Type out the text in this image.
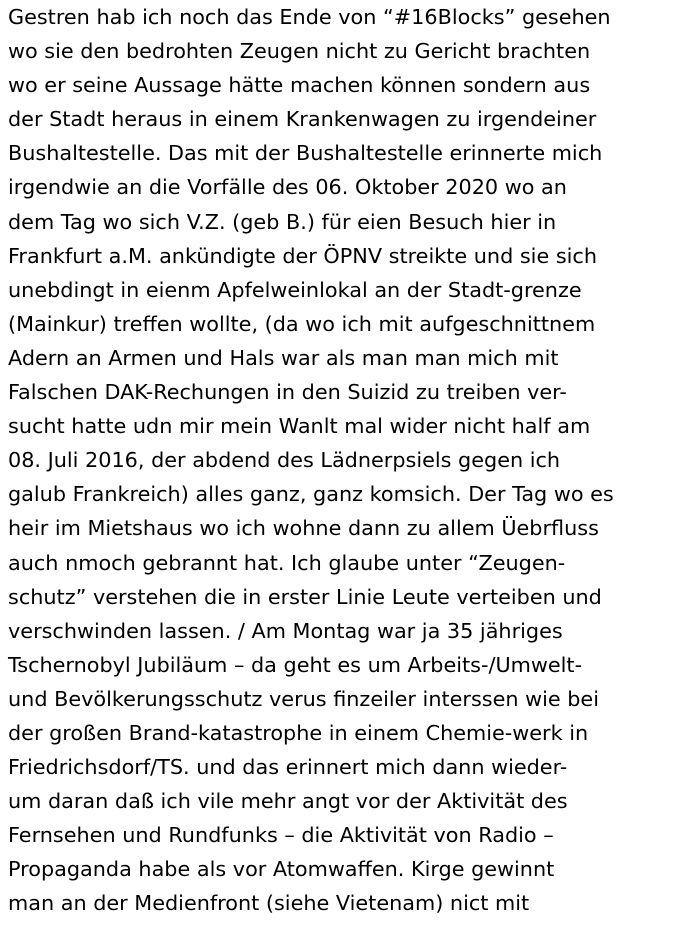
Gestren hab ich noch das Ende von “#16Blocks” gesehen
wo sie den bedrohten Zeugen nicht zu Gericht brachten
wo er seine Aussage hätte machen können sondern aus
der Stadt heraus in einem Krankenwagen zu irgendeiner
Bushaltestelle. Das mit der Bushaltestelle erinnerte mich
irgendwie an die Vorfälle des 06. Oktober 2020 wo an
dem Tag wo sich V.Z. (geb B.) für eien Besuch hier in
Frankfurt a.M. ankündigte der ÖPNV streikte und sie sich
unebdingt in eienm Apfelweinlokal an der Stadt-grenze
(Mainkur) treffen wollte, (da wo ich mit aufgeschnittnem
Adern an Armen und Hals war als man man mich mit
Falschen DAK-Rechungen in den Suizid zu treiben ver-
sucht hatte udn mir mein Wanlt mal wider nicht half am
08. Juli 2016, der abdend des Lädnerpsiels gegen ich
galub Frankreich) alles ganz, ganz komsich. Der Tag wo es
heir im Mietshaus wo ich wohne dann zu allem Üebrfluss
auch nmoch gebrannt hat. Ich glaube unter “Zeugen-
schutz” verstehen die in erster Linie Leute verteiben und
verschwinden lassen. / Am Montag war ja 35 jähriges
Tschernobyl Jubiläum – da geht es um Arbeits-/Umwelt-
und Bevölkerungsschutz verus finzeiler interssen wie bei
der großen Brand-katastrophe in einem Chemie-werk in
Friedrichsdorf/TS. und das erinnert mich dann wieder-
um daran daß ich vile mehr angt vor der Aktivität des
Fernsehen und Rundfunks – die Aktivität von Radio –
Propaganda habe als vor Atomwaffen. Kirge gewinnt
man an der Medienfront (siehe Vietenam) nict mit
